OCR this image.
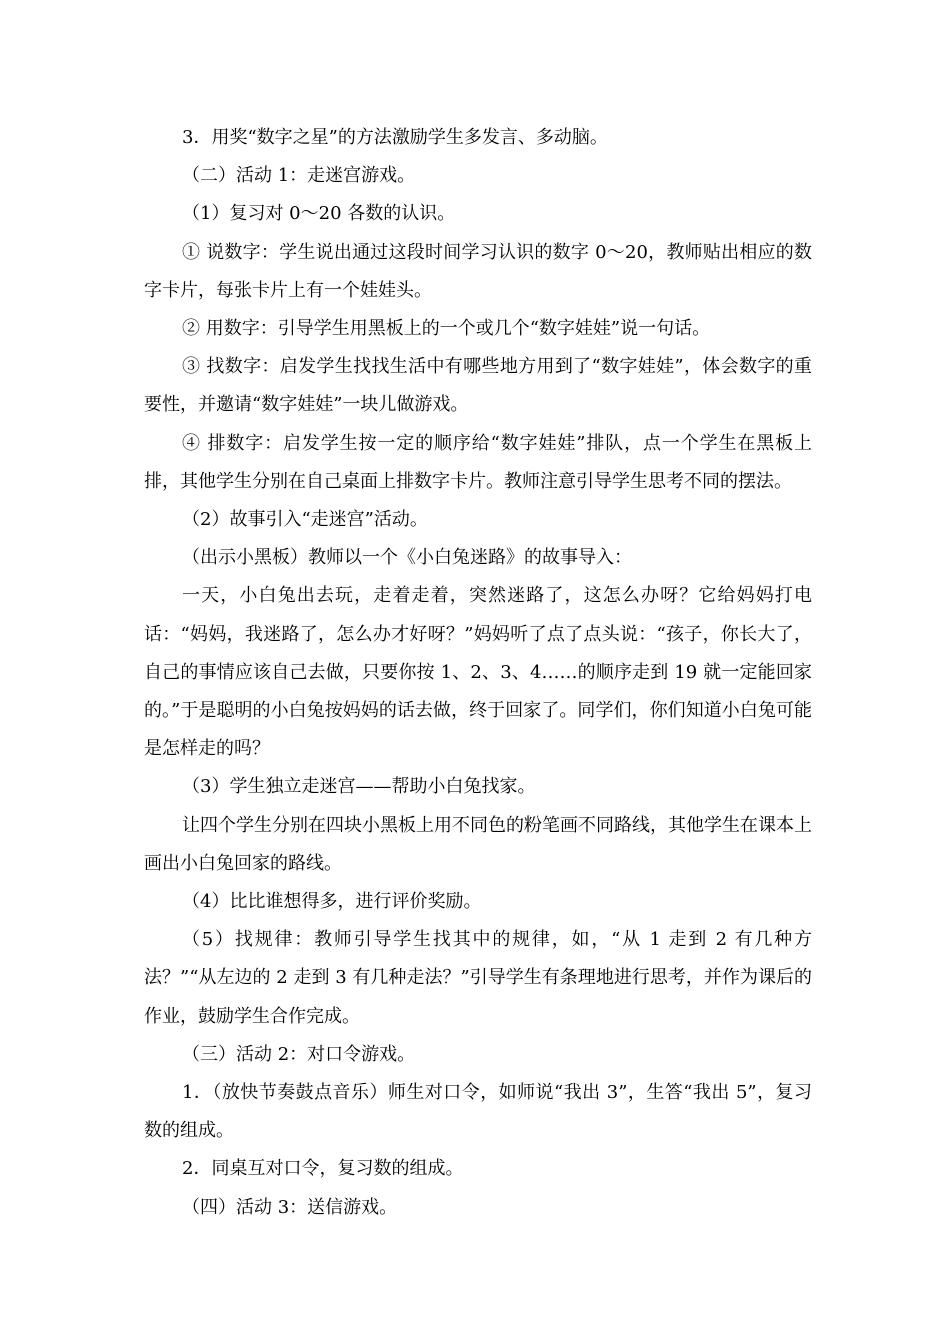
3．用奖“数字之星”的方法激励学生多发言、多动脑。

（二）活动 1：走迷宫游戏。

（1）复习对 0～20 各数的认识。

① 说数字：学生说出通过这段时间学习认识的数字 0～20，教师贴出相应的数字卡片，每张卡片上有一个娃娃头。

② 用数字：引导学生用黑板上的一个或几个“数字娃娃”说一句话。

③ 找数字：启发学生找找生活中有哪些地方用到了“数字娃娃”，体会数字的重要性，并邀请“数字娃娃”一块儿做游戏。

④ 排数字：启发学生按一定的顺序给“数字娃娃”排队，点一个学生在黑板上排，其他学生分别在自己桌面上排数字卡片。教师注意引导学生思考不同的摆法。

（2）故事引入“走迷宫”活动。

（出示小黑板）教师以一个《小白兔迷路》的故事导入：

一天，小白兔出去玩，走着走着，突然迷路了，这怎么办呀？它给妈妈打电话：“妈妈，我迷路了，怎么办才好呀？”妈妈听了点了点头说：“孩子，你长大了，自己的事情应该自己去做，只要你按 1、2、3、4……的顺序走到 19 就一定能回家的。”于是聪明的小白兔按妈妈的话去做，终于回家了。同学们，你们知道小白兔可能是怎样走的吗？

（3）学生独立走迷宫——帮助小白兔找家。

让四个学生分别在四块小黑板上用不同色的粉笔画不同路线，其他学生在课本上画出小白兔回家的路线。

（4）比比谁想得多，进行评价奖励。

（5）找规律：教师引导学生找其中的规律，如，“从 1 走到 2 有几种方法？”“从左边的 2 走到 3 有几种走法？”引导学生有条理地进行思考，并作为课后的作业，鼓励学生合作完成。

（三）活动 2：对口令游戏。

1．（放快节奏鼓点音乐）师生对口令，如师说“我出 3”，生答“我出 5”，复习数的组成。

2．同桌互对口令，复习数的组成。

（四）活动 3：送信游戏。
